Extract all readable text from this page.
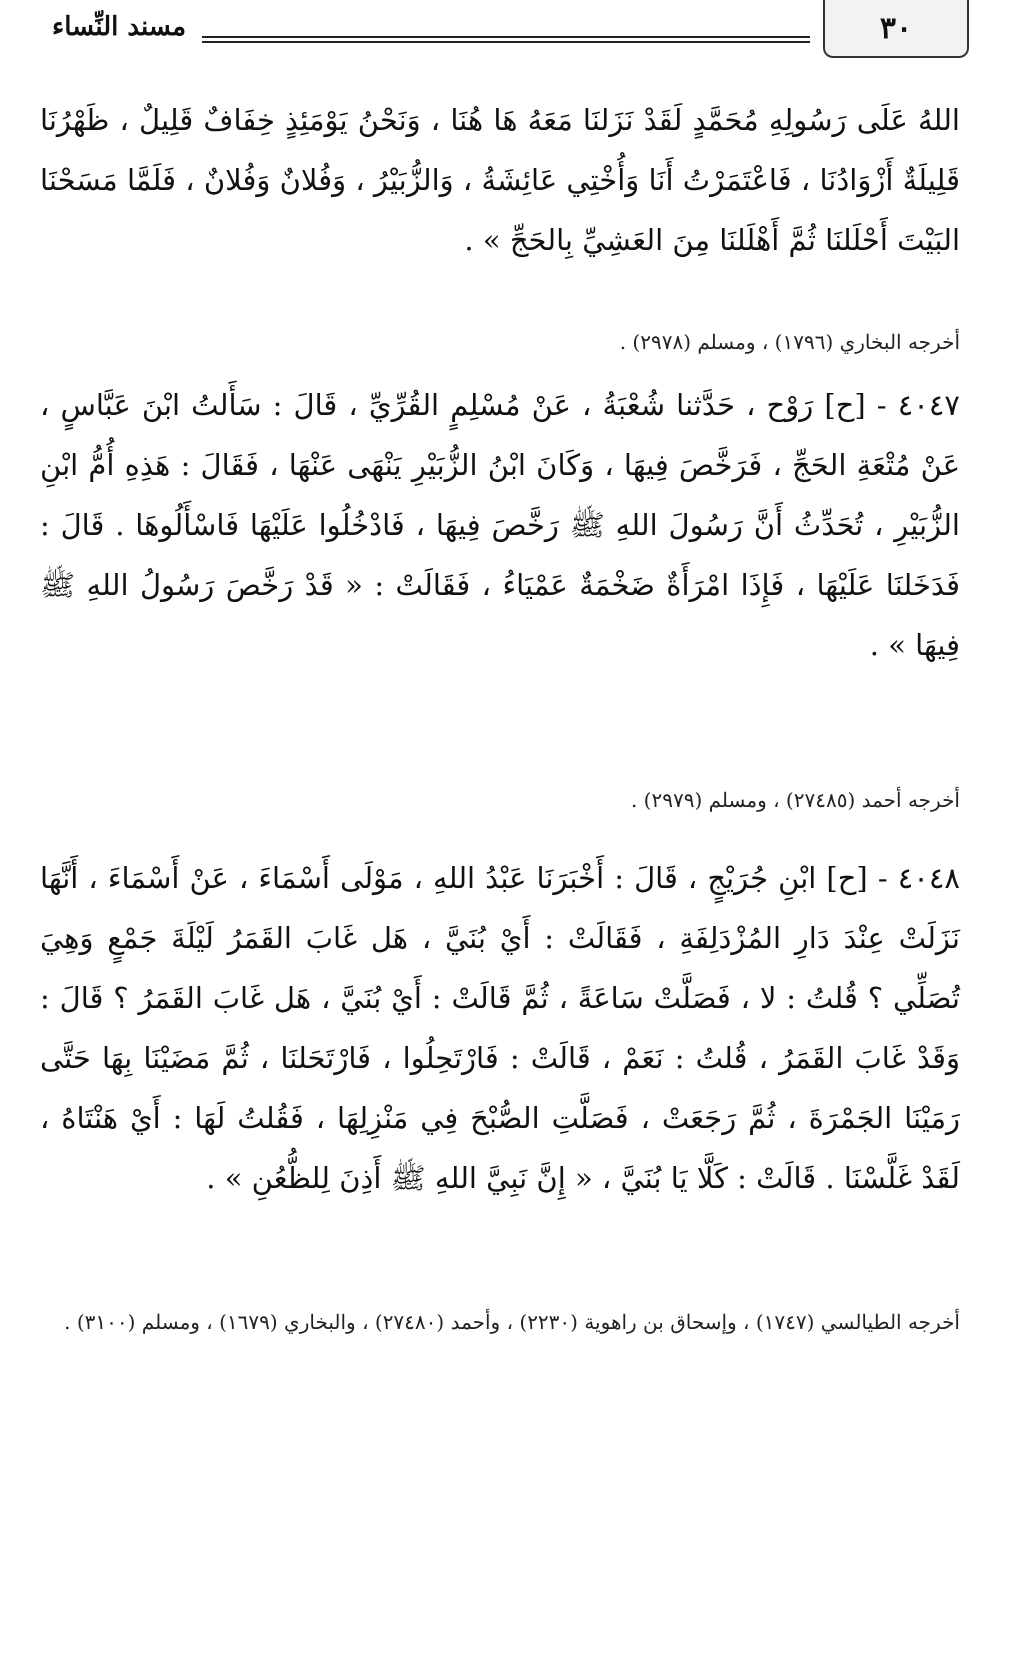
٣٠
مسند النِّساء
اللهُ عَلَى رَسُولِهِ مُحَمَّدٍ لَقَدْ نَزَلنَا مَعَهُ هَا هُنَا ، وَنَحْنُ يَوْمَئِذٍ خِفَافٌ قَلِيلٌ ، ظَهْرُنَا قَلِيلَةٌ أَزْوَادُنَا ، فَاعْتَمَرْتُ أَنَا وَأُخْتِي عَائِشَةُ ، وَالزُّبَيْرُ ، وَفُلانٌ وَفُلانٌ ، فَلَمَّا مَسَحْنَا البَيْتَ أَحْلَلنَا ثُمَّ أَهْلَلنَا مِنَ العَشِيِّ بِالحَجِّ » .
أخرجه البخاري (١٧٩٦) ، ومسلم (٢٩٧٨) .
٤٠٤٧ - [ح] رَوْح ، حَدَّثنا شُعْبَةُ ، عَنْ مُسْلِمٍ القُرِّيِّ ، قَالَ : سَأَلتُ ابْنَ عَبَّاسٍ ، عَنْ مُتْعَةِ الحَجِّ ، فَرَخَّصَ فِيهَا ، وَكَانَ ابْنُ الزُّبَيْرِ يَنْهَى عَنْهَا ، فَقَالَ : هَذِهِ أُمُّ ابْنِ الزُّبَيْرِ ، تُحَدِّثُ أَنَّ رَسُولَ اللهِ ﷺ رَخَّصَ فِيهَا ، فَادْخُلُوا عَلَيْهَا فَاسْأَلُوهَا . قَالَ : فَدَخَلنَا عَلَيْهَا ، فَإِذَا امْرَأَةٌ ضَخْمَةٌ عَمْيَاءُ ، فَقَالَتْ : « قَدْ رَخَّصَ رَسُولُ اللهِ ﷺ فِيهَا » .
أخرجه أحمد (٢٧٤٨٥) ، ومسلم (٢٩٧٩) .
٤٠٤٨ - [ح] ابْنِ جُرَيْجٍ ، قَالَ : أَخْبَرَنَا عَبْدُ اللهِ ، مَوْلَى أَسْمَاءَ ، عَنْ أَسْمَاءَ ، أَنَّهَا نَزَلَتْ عِنْدَ دَارِ المُزْدَلِفَةِ ، فَقَالَتْ : أَيْ بُنَيَّ ، هَل غَابَ القَمَرُ لَيْلَةَ جَمْعٍ وَهِيَ تُصَلِّي ؟ قُلتُ : لا ، فَصَلَّتْ سَاعَةً ، ثُمَّ قَالَتْ : أَيْ بُنَيَّ ، هَل غَابَ القَمَرُ ؟ قَالَ : وَقَدْ غَابَ القَمَرُ ، قُلتُ : نَعَمْ ، قَالَتْ : فَارْتَحِلُوا ، فَارْتَحَلنَا ، ثُمَّ مَضَيْنَا بِهَا حَتَّى رَمَيْنَا الجَمْرَةَ ، ثُمَّ رَجَعَتْ ، فَصَلَّتِ الصُّبْحَ فِي مَنْزِلِهَا ، فَقُلتُ لَهَا : أَيْ هَنْتَاهُ ، لَقَدْ غَلَّسْنَا . قَالَتْ : كَلَّا يَا بُنَيَّ ، « إِنَّ نَبِيَّ اللهِ ﷺ أَذِنَ لِلظُّعُنِ » .
أخرجه الطيالسي (١٧٤٧) ، وإسحاق بن راهوية (٢٢٣٠) ، وأحمد (٢٧٤٨٠) ، والبخاري (١٦٧٩) ، ومسلم (٣١٠٠) .
